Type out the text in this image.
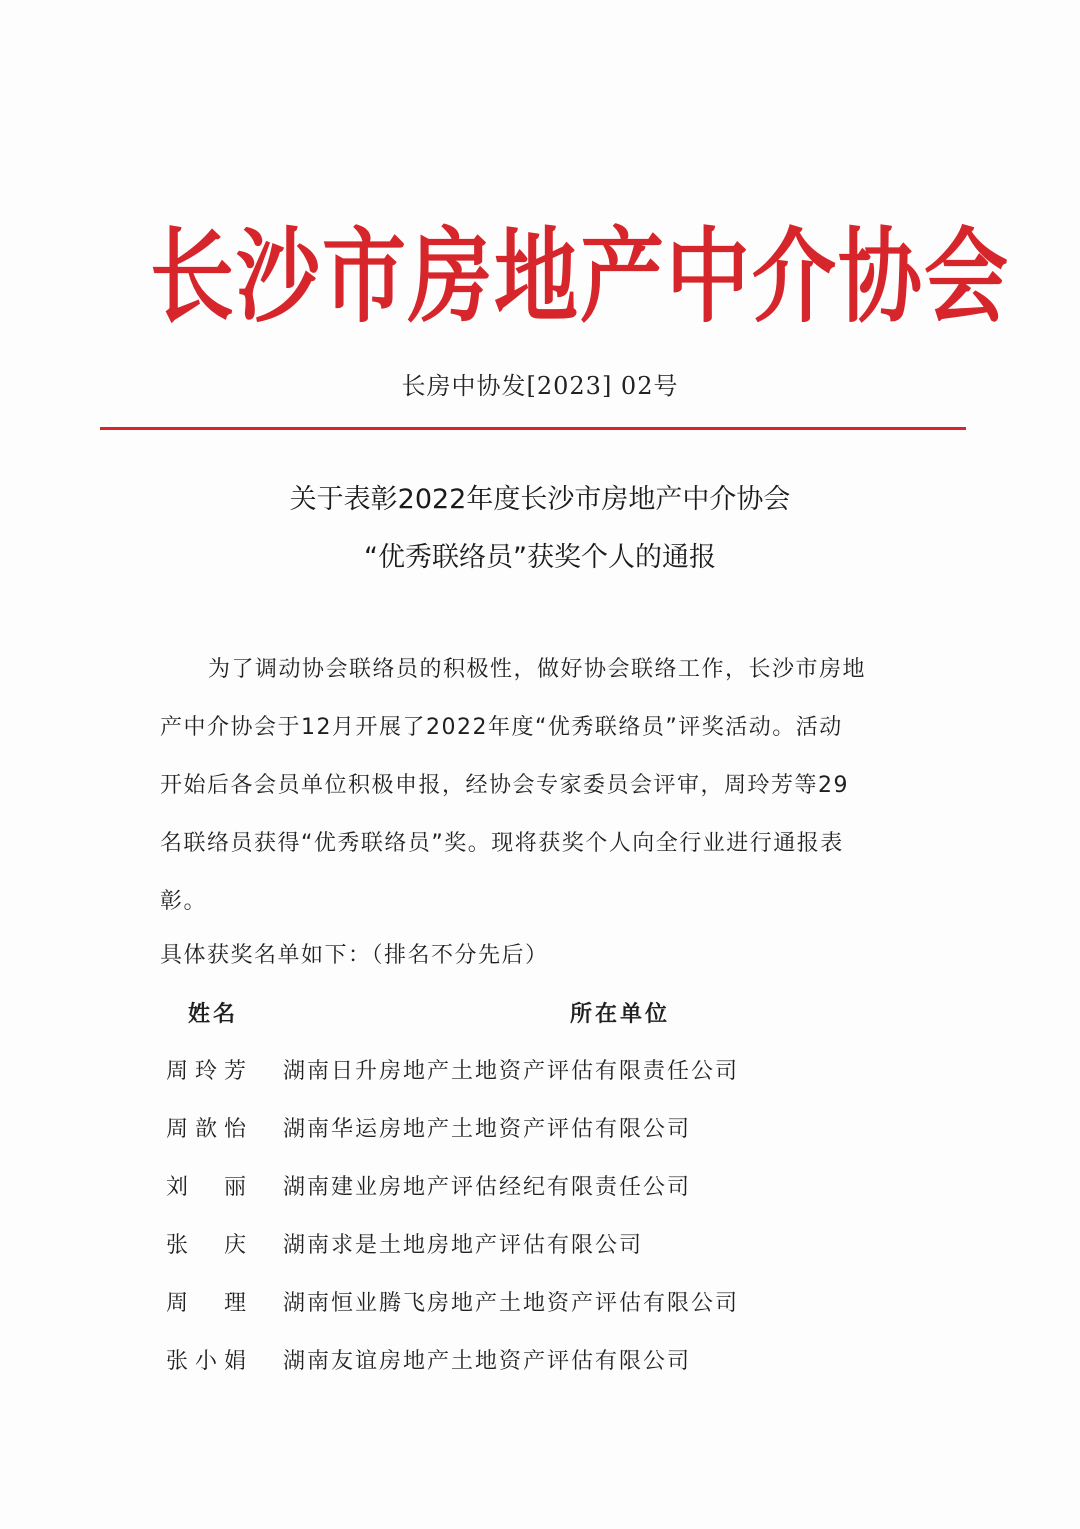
长沙市房地产中介协会
长房中协发[2023] 02号
关于表彰2022年度长沙市房地产中介协会
“优秀联络员”获奖个人的通报
为了调动协会联络员的积极性，做好协会联络工作，长沙市房地
产中介协会于12月开展了2022年度“优秀联络员”评奖活动。活动
开始后各会员单位积极申报，经协会专家委员会评审，周玲芳等29
名联络员获得“优秀联络员”奖。现将获奖个人向全行业进行通报表
彰。
具体获奖名单如下：（排名不分先后）
姓名	所在单位
周玲芳 湖南日升房地产土地资产评估有限责任公司
周歆怡 湖南华运房地产土地资产评估有限公司
刘丽 湖南建业房地产评估经纪有限责任公司
张庆 湖南求是土地房地产评估有限公司
周理 湖南恒业腾飞房地产土地资产评估有限公司
张小娟 湖南友谊房地产土地资产评估有限公司
